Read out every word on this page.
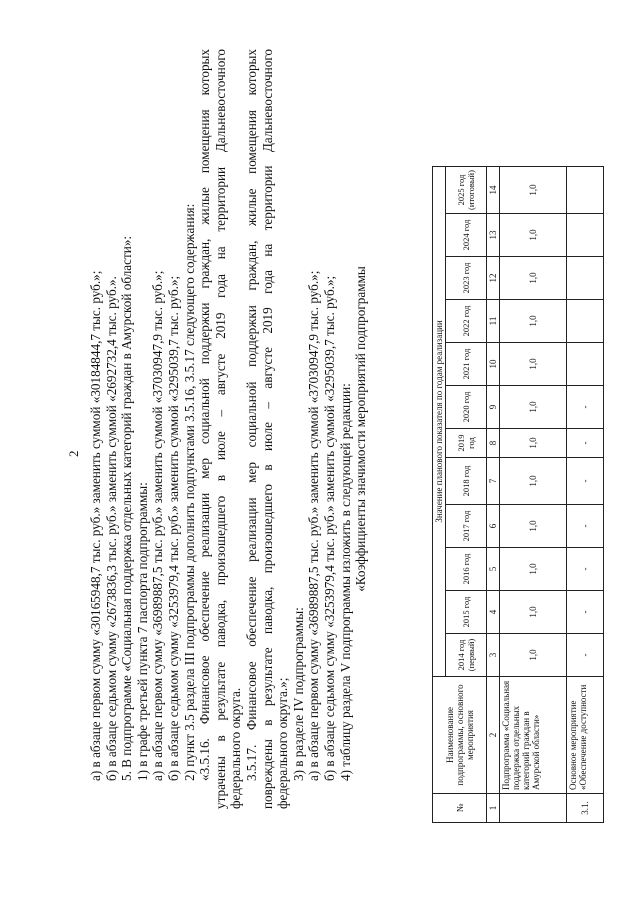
2 а) в абзаце первом сумму «30165948,7 тыс. руб.» заменить суммой «30184844,7 тыс. руб.»; б) в абзаце седьмом сумму «2673836,3 тыс. руб.» заменить суммой «2692732,4 тыс. руб.». 5. В подпрограмме «Социальная поддержка отдельных категорий граждан в Амурской области»: 1) в графе третьей пункта 7 паспорта подпрограммы: а) в абзаце первом сумму «36989887,5 тыс. руб.» заменить суммой «37030947,9 тыс. руб.»; б) в абзаце седьмом сумму «3253979,4 тыс. руб.» заменить суммой «3295039,7 тыс. руб.»; 2) пункт 3.5 раздела III подпрограммы дополнить подпунктами 3.5.16, 3.5.17 следующего содержания: «3.5.16. Финансовое обеспечение реализации мер социальной поддержки граждан, жилые помещения которых утрачены в результате паводка, произошедшего в июле – августе 2019 года на территории Дальневосточного федерального округа. 3.5.17. Финансовое обеспечение реализации мер социальной поддержки граждан, жилые помещения которых повреждены в результате паводка, произошедшего в июле – августе 2019 года на территории Дальневосточного федерального округа.»; 3) в разделе IV подпрограммы: а) в абзаце первом сумму «36989887,5 тыс. руб.» заменить суммой «37030947,9 тыс. руб.»; б) в абзаце седьмом сумму «3253979,4 тыс. руб.» заменить суммой «3295039,7 тыс. руб.»; 4) таблицу раздела V подпрограммы изложить в следующей редакции: «Коэффициенты значимости мероприятий подпрограммы
№	Наименование подпрограммы, основного мероприятия	Значение планового показателя по годам реализации											
		2014 год (первый)	2015 год	2016 год	2017 год	2018 год	2019 год	2020 год	2021 год	2022 год	2023 год	2024 год	2025 год (итоговый)
1	2	3	4	5	6	7	8	9	10	11	12	13	14
	Подпрограмма «Социальная поддержка отдельных категорий граждан в Амурской области»	1,0	1,0	1,0	1,0	1,0	1,0	1,0	1,0	1,0	1,0	1,0	1,0
3.1.	Основное мероприятие «Обеспечение доступности	-	-	-	-	-	-	-					
